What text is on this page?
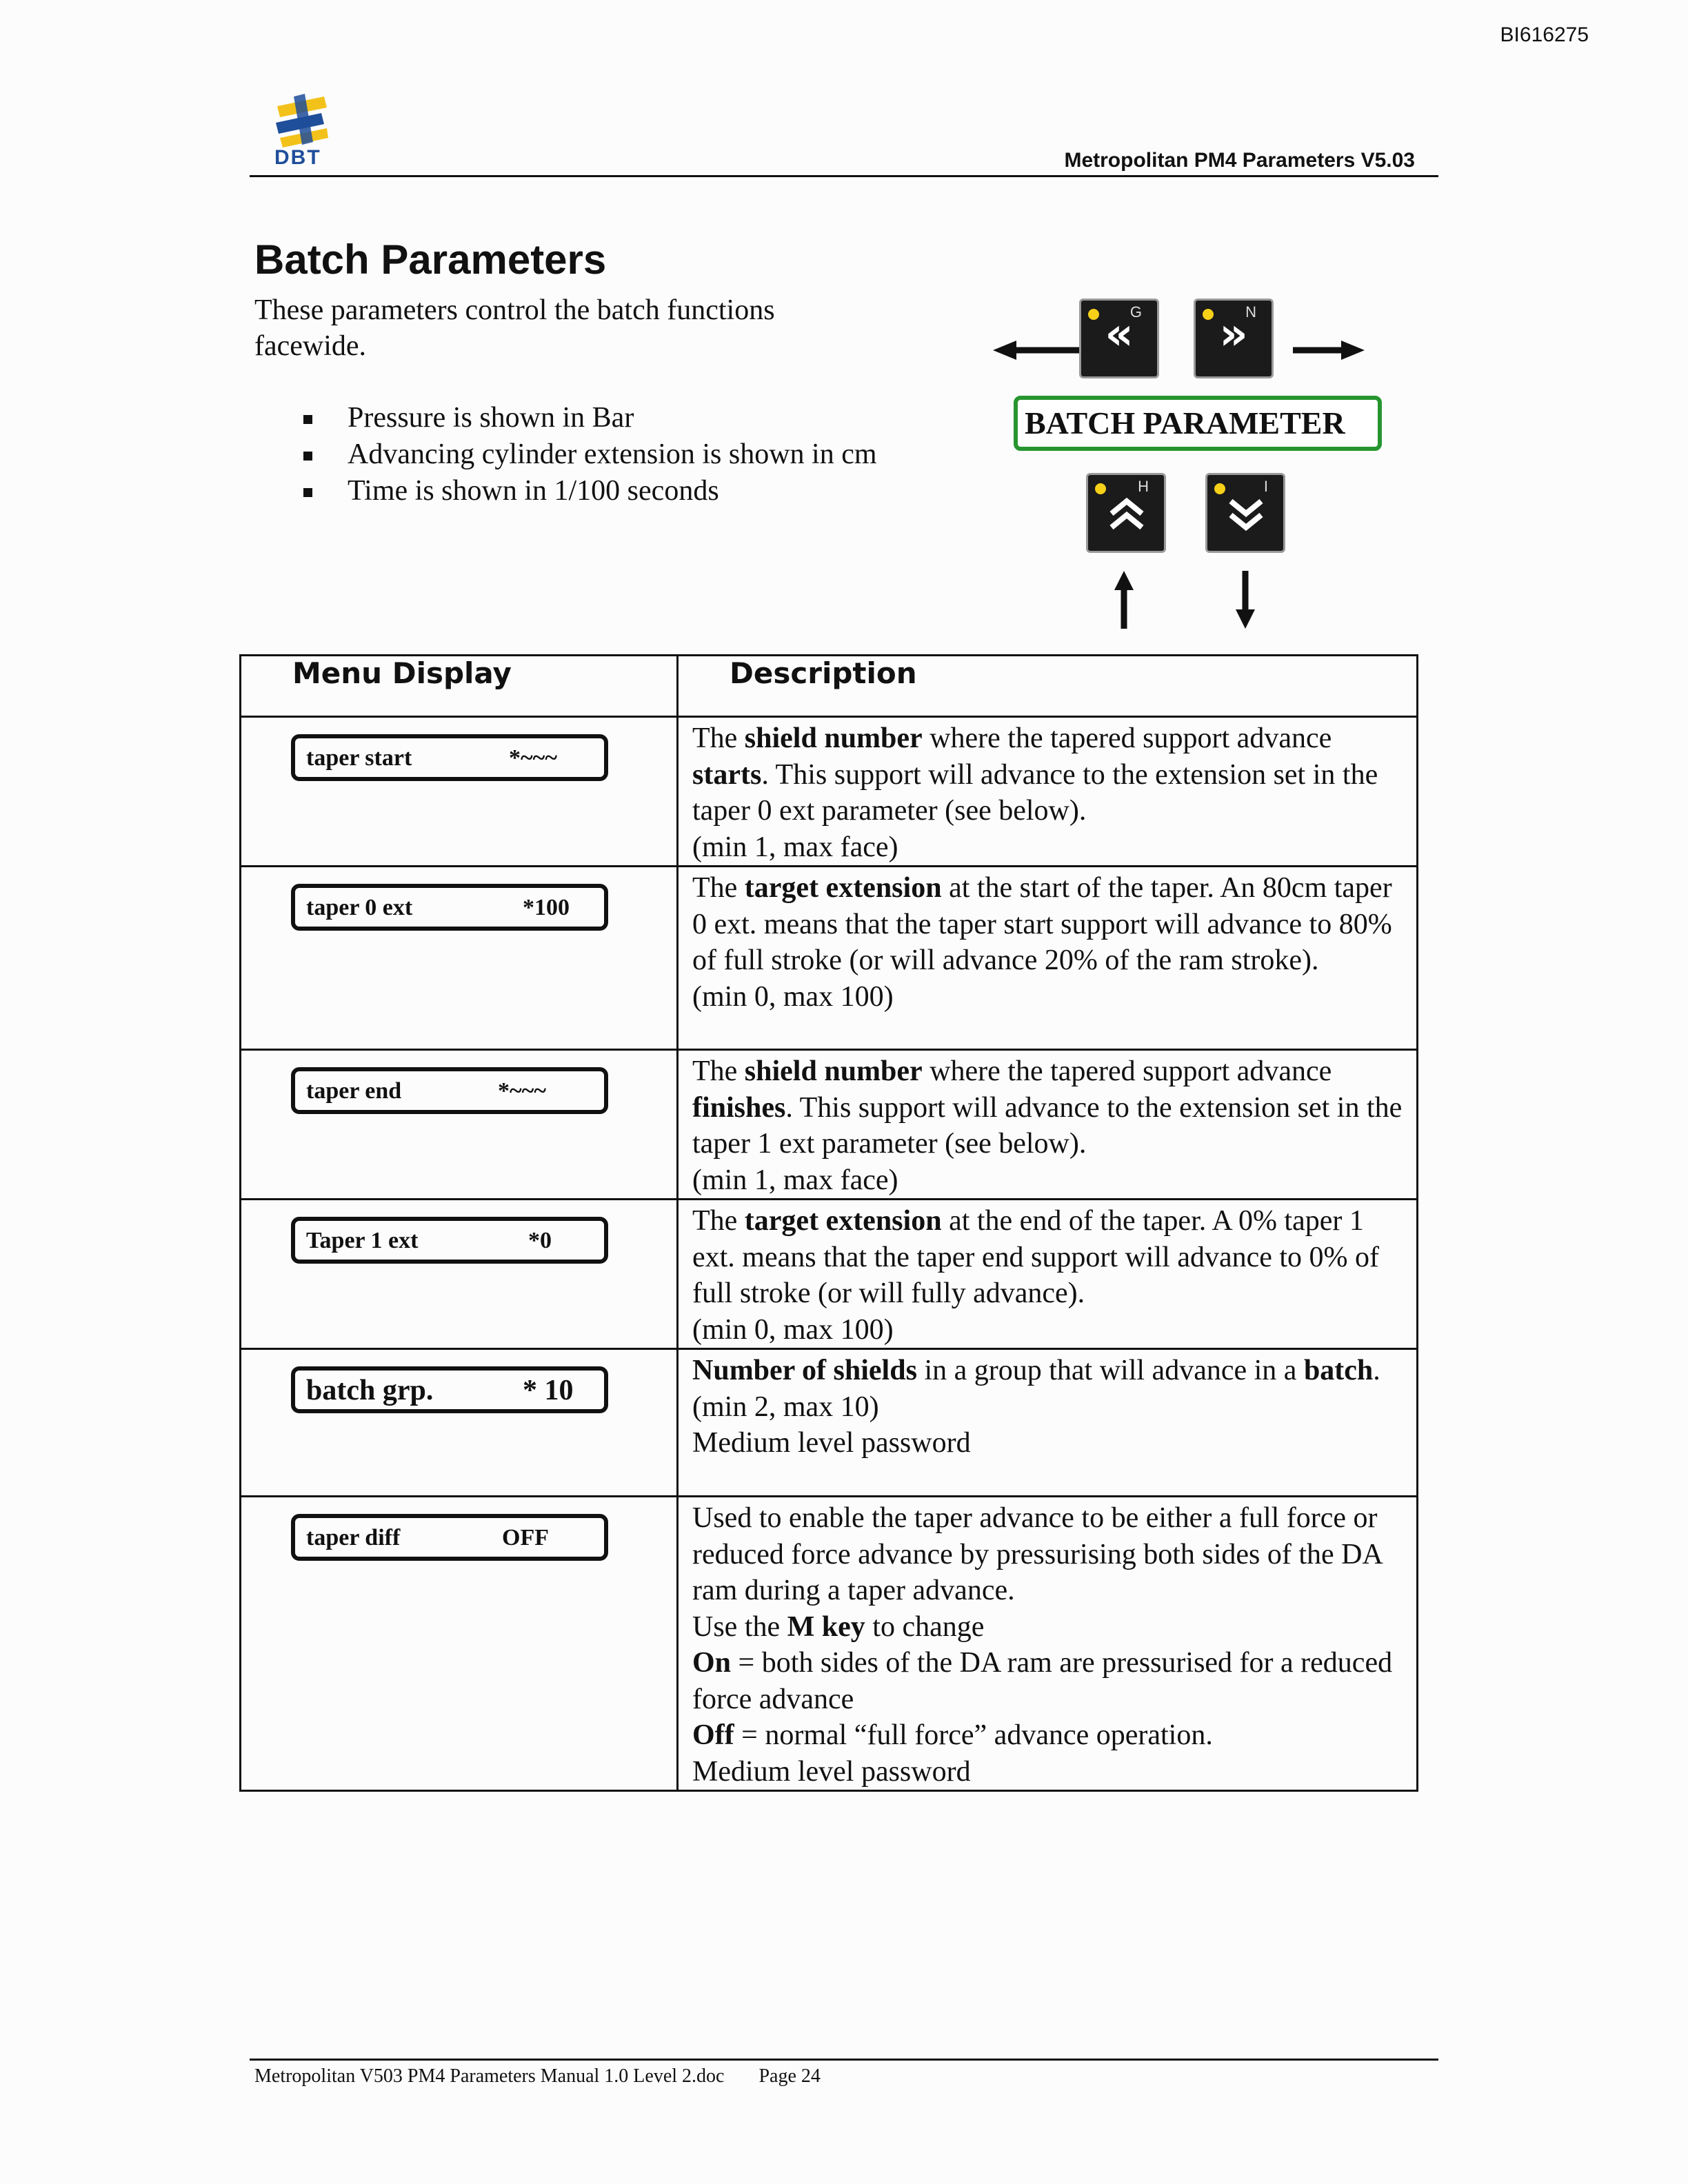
BI616275
DBT	Metropolitan PM4 Parameters V5.03
Batch Parameters
These parameters control the batch functions facewide.
Pressure is shown in Bar
Advancing cylinder extension is shown in cm
Time is shown in 1/100 seconds
G
«	N
»
BATCH PARAMETER
H	I
Menu Display	Description

taper start *~~~	The shield number where the tapered support advance starts. This support will advance to the extension set in the taper 0 ext parameter (see below).
(min 1, max face)

taper 0 ext *100	The target extension at the start of the taper. An 80cm taper 0 ext. means that the taper start support will advance to 80% of full stroke (or will advance 20% of the ram stroke).
(min 0, max 100)

taper end *~~~	The shield number where the tapered support advance finishes. This support will advance to the extension set in the taper 1 ext parameter (see below).
(min 1, max face)

Taper 1 ext *0	The target extension at the end of the taper. A 0% taper 1 ext. means that the taper end support will advance to 0% of full stroke (or will fully advance).
(min 0, max 100)

batch grp. * 10	Number of shields in a group that will advance in a batch.
(min 2, max 10)
Medium level password

taper diff OFF	Used to enable the taper advance to be either a full force or reduced force advance by pressurising both sides of the DA ram during a taper advance.
Use the M key to change
On = both sides of the DA ram are pressurised for a reduced force advance
Off = normal “full force” advance operation.
Medium level password
Metropolitan V503 PM4 Parameters Manual 1.0 Level 2.doc Page 24
